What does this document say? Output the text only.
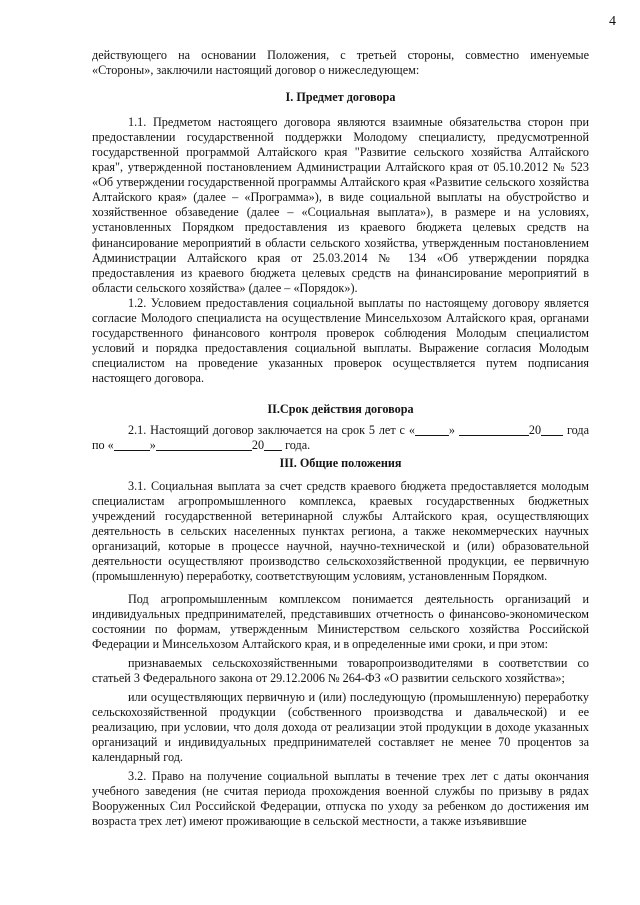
4

действующего на основании Положения, с третьей стороны, совместно именуемые «Стороны», заключили настоящий договор о нижеследующем:

I. Предмет договора

1.1. Предметом настоящего договора являются взаимные обязательства сторон при предоставлении государственной поддержки Молодому специалисту, предусмотренной государственной программой Алтайского края "Развитие сельского хозяйства Алтайского края", утвержденной постановлением Администрации Алтайского края от 05.10.2012 № 523 «Об утверждении государственной программы Алтайского края «Развитие сельского хозяйства Алтайского края» (далее – «Программа»), в виде социальной выплаты на обустройство и хозяйственное обзаведение (далее – «Социальная выплата»), в размере и на условиях, установленных Порядком предоставления из краевого бюджета целевых средств на финансирование мероприятий в области сельского хозяйства, утвержденным постановлением Администрации Алтайского края от 25.03.2014 № 134 «Об утверждении порядка предоставления из краевого бюджета целевых средств на финансирование мероприятий в области сельского хозяйства» (далее – «Порядок»).

1.2. Условием предоставления социальной выплаты по настоящему договору является согласие Молодого специалиста на осуществление Минсельхозом Алтайского края, органами государственного финансового контроля проверок соблюдения Молодым специалистом условий и порядка предоставления социальной выплаты. Выражение согласия Молодым специалистом на проведение указанных проверок осуществляется путем подписания настоящего договора.

II.Срок действия договора

2.1. Настоящий договор заключается на срок 5 лет с «	»	20 года по «	»	20 года.

III. Общие положения

3.1. Социальная выплата за счет средств краевого бюджета предоставляется молодым специалистам агропромышленного комплекса, краевых государственных бюджетных учреждений государственной ветеринарной службы Алтайского края, осуществляющих деятельность в сельских населенных пунктах региона, а также некоммерческих научных организаций, которые в процессе научной, научно-технической и (или) образовательной деятельности осуществляют производство сельскохозяйственной продукции, ее первичную (промышленную) переработку, соответствующим условиям, установленным Порядком.

Под агропромышленным комплексом понимается деятельность организаций и индивидуальных предпринимателей, представивших отчетность о финансово-экономическом состоянии по формам, утвержденным Министерством сельского хозяйства Российской Федерации и Минсельхозом Алтайского края, и в определенные ими сроки, и при этом:

признаваемых сельскохозяйственными товаропроизводителями в соответствии со статьей 3 Федерального закона от 29.12.2006 № 264-ФЗ «О развитии сельского хозяйства»;

или осуществляющих первичную и (или) последующую (промышленную) переработку сельскохозяйственной продукции (собственного производства и давальческой) и ее реализацию, при условии, что доля дохода от реализации этой продукции в доходе указанных организаций и индивидуальных предпринимателей составляет не менее 70 процентов за календарный год.

3.2. Право на получение социальной выплаты в течение трех лет с даты окончания учебного заведения (не считая периода прохождения военной службы по призыву в рядах Вооруженных Сил Российской Федерации, отпуска по уходу за ребенком до достижения им возраста трех лет) имеют проживающие в сельской местности, а также изъявившие
